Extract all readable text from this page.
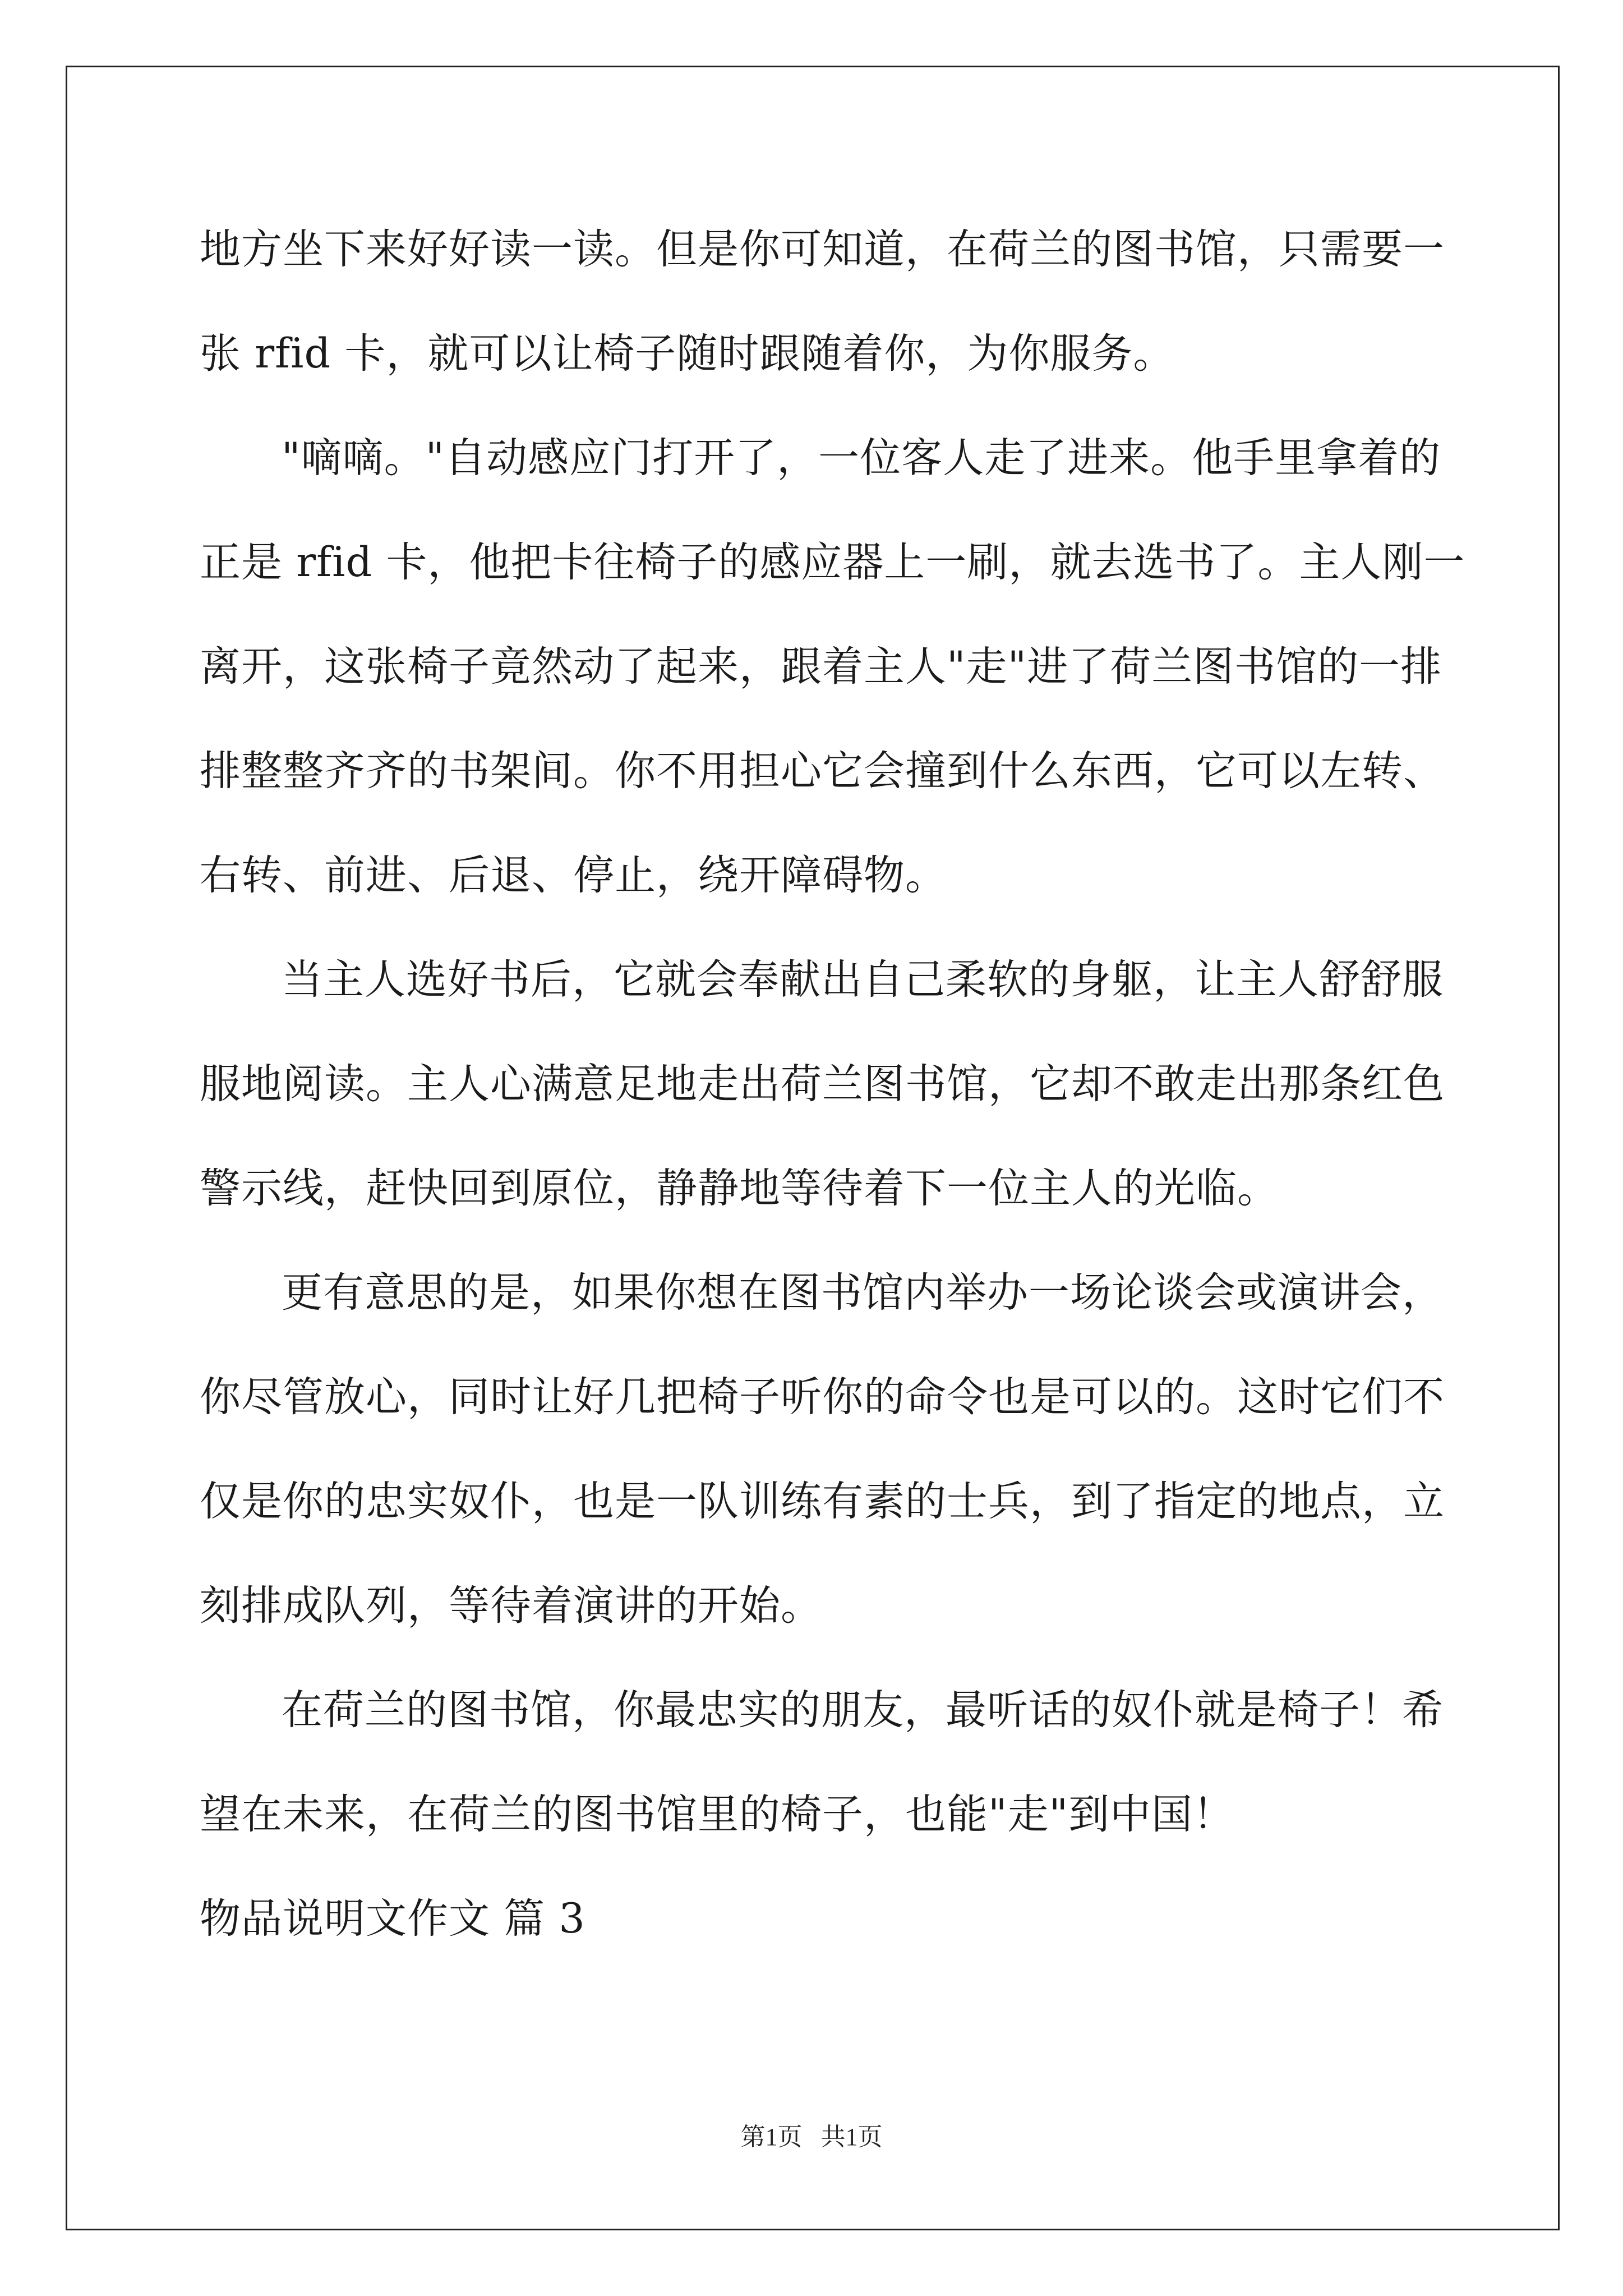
地方坐下来好好读一读。但是你可知道，在荷兰的图书馆，只需要一
张 rfid 卡，就可以让椅子随时跟随着你，为你服务。
"嘀嘀。"自动感应门打开了，一位客人走了进来。他手里拿着的
正是 rfid 卡，他把卡往椅子的感应器上一刷，就去选书了。主人刚一
离开，这张椅子竟然动了起来，跟着主人"走"进了荷兰图书馆的一排
排整整齐齐的书架间。你不用担心它会撞到什么东西，它可以左转、
右转、前进、后退、停止，绕开障碍物。
当主人选好书后，它就会奉献出自己柔软的身躯，让主人舒舒服
服地阅读。主人心满意足地走出荷兰图书馆，它却不敢走出那条红色
警示线，赶快回到原位，静静地等待着下一位主人的光临。
更有意思的是，如果你想在图书馆内举办一场论谈会或演讲会，
你尽管放心，同时让好几把椅子听你的命令也是可以的。这时它们不
仅是你的忠实奴仆，也是一队训练有素的士兵，到了指定的地点，立
刻排成队列，等待着演讲的开始。
在荷兰的图书馆，你最忠实的朋友，最听话的奴仆就是椅子！希
望在未来，在荷兰的图书馆里的椅子，也能"走"到中国！
物品说明文作文 篇 3
第1页   共1页
